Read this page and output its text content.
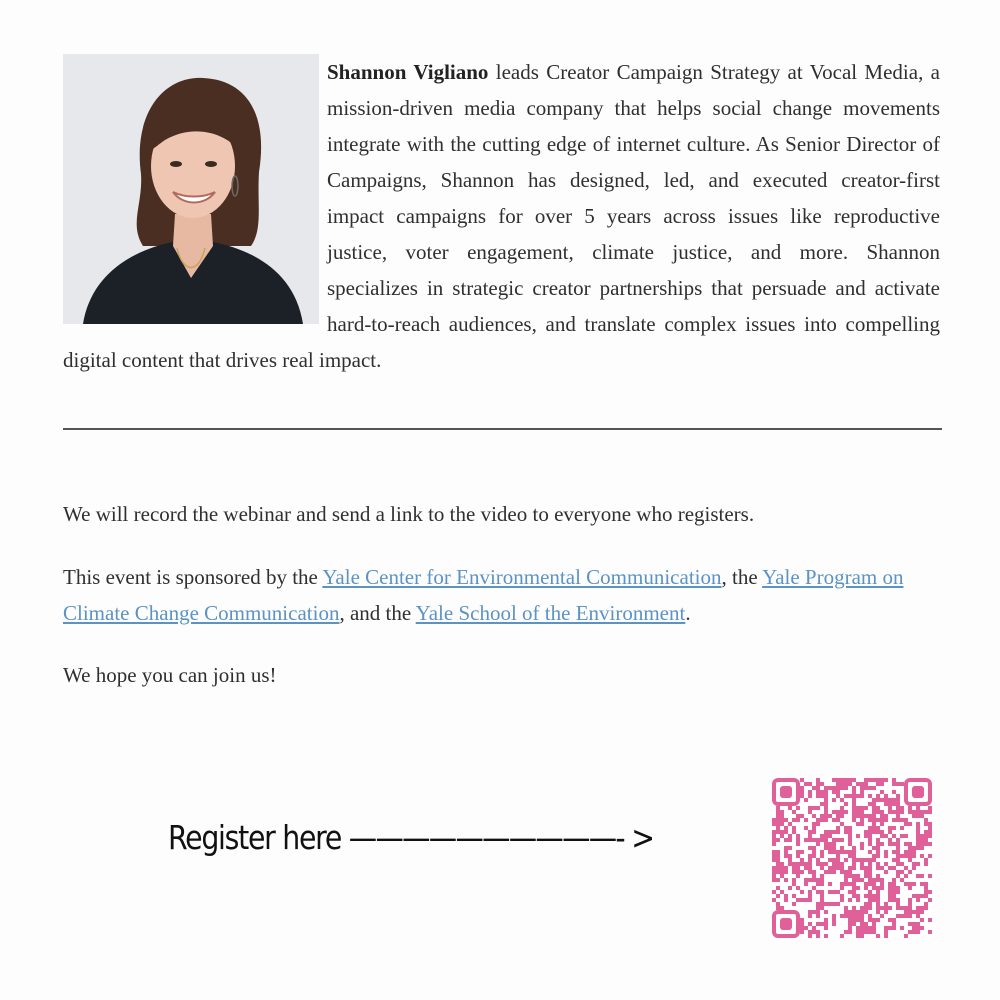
Shannon Vigliano leads Creator Campaign Strategy at Vocal Media, a mission-driven media company that helps social change movements integrate with the cutting edge of internet culture. As Senior Director of Campaigns, Shannon has designed, led, and executed creator-first impact campaigns for over 5 years across issues like reproductive justice, voter engagement, climate justice, and more. Shannon specializes in strategic creator partnerships that persuade and activate hard-to-reach audiences, and translate complex issues into compelling digital content that drives real impact.

We will record the webinar and send a link to the video to everyone who registers.

This event is sponsored by the Yale Center for Environmental Communication, the Yale Program on Climate Change Communication, and the Yale School of the Environment.

We hope you can join us!

Register here ——————————- >
